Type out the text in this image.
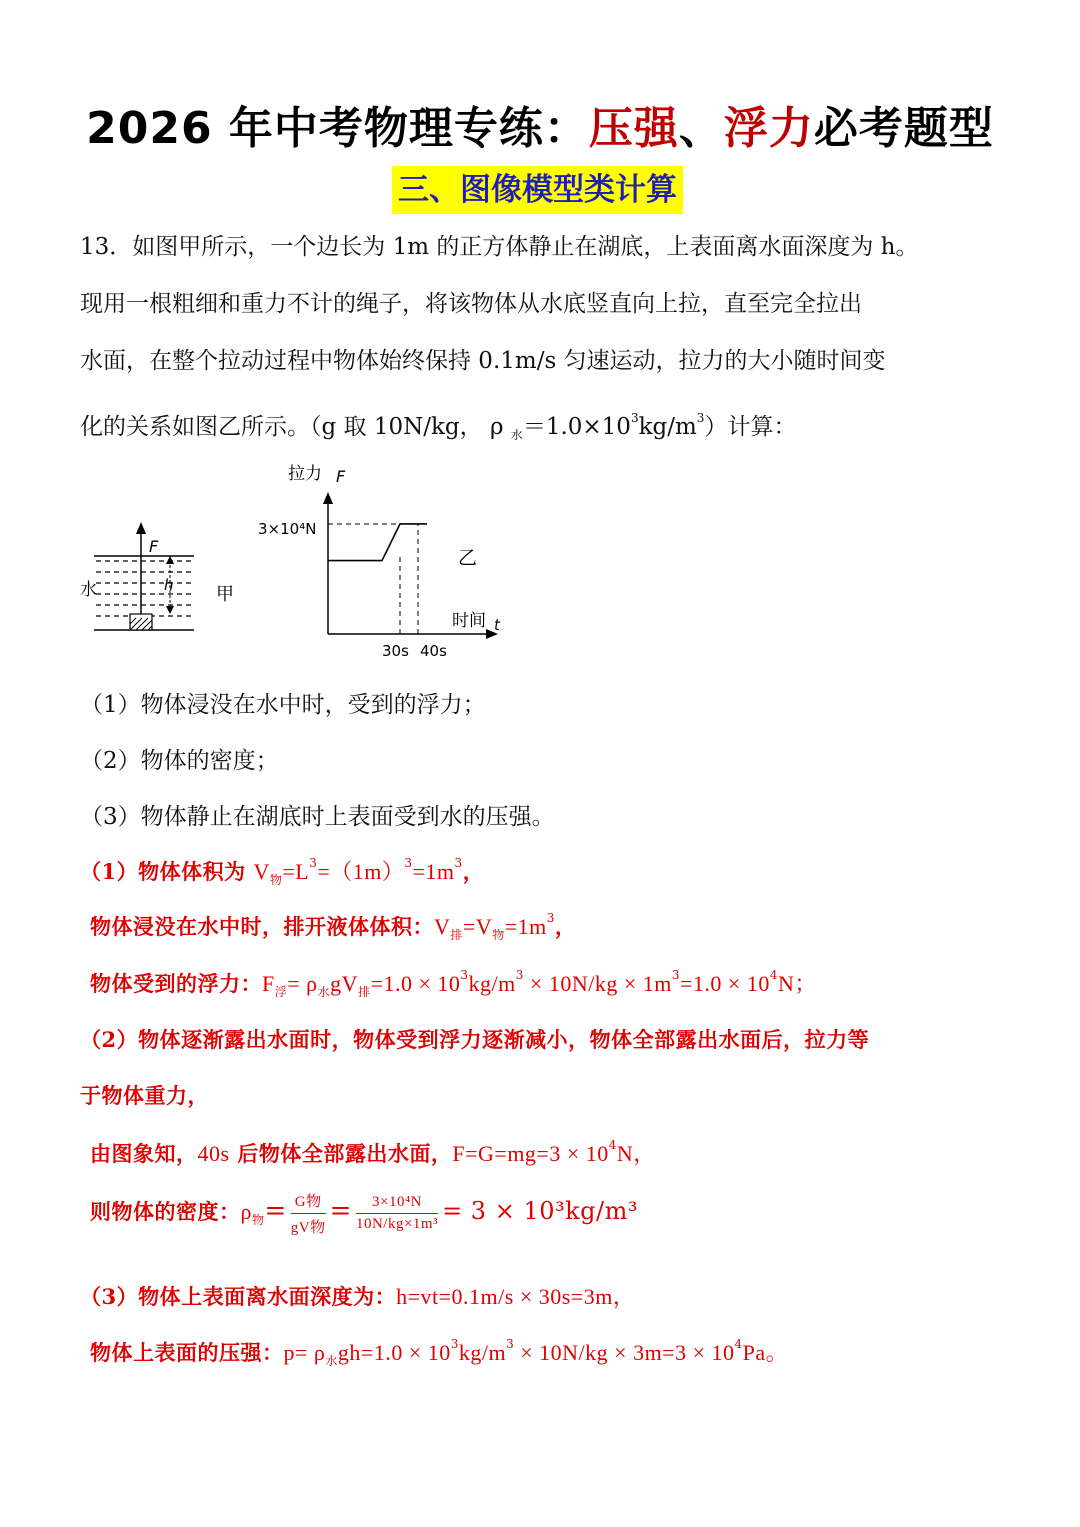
2026 年中考物理专练：压强、浮力必考题型
三、图像模型类计算
13．如图甲所示，一个边长为 1m 的正方体静止在湖底，上表面离水面深度为 h。
现用一根粗细和重力不计的绳子，将该物体从水底竖直向上拉，直至完全拉出
水面，在整个拉动过程中物体始终保持 0.1m/s 匀速运动，拉力的大小随时间变
化的关系如图乙所示。（g 取 10N/kg， ρ $_水=1.0\times 10^3kg/m^3$）计算：
F
h
水	甲
拉力 F
时间 t
3×10⁴N
30s 40s
乙
（1）物体浸没在水中时，受到的浮力；
（2）物体的密度；
（3）物体静止在湖底时上表面受到水的压强。
（1）物体体积为 $V_物=L^3=(1m)^3=1m^3$，
物体浸没在水中时，排开液体体积：$V_排=V_物=1m^3$，
物体受到的浮力：$F_浮= \rho_水gV_排=1.0 \times 10^3kg/m^3 \times 10N/kg \times 1m^3=1.0 \times 10^4N$；
（2）物体逐渐露出水面时，物体受到浮力逐渐减小，物体全部露出水面后，拉力等
于物体重力，
由图象知，40s 后物体全部露出水面，$F=G=mg=3 \times 10^4N$，
则物体的密度：$\rho_物= \frac{\text{G物}}{\text{gV物}} = \frac{\text{3×10⁴N}}{\text{10N/kg×1m³}} = 3 \times 10^3kg/m^3$
（3）物体上表面离水面深度为：h=vt=0.1m/s × 30s=3m，
物体上表面的压强：$p= \rho_水gh=1.0 \times 10^3kg/m^3 \times 10N/kg \times 3m=3 \times 10^4Pa$。
